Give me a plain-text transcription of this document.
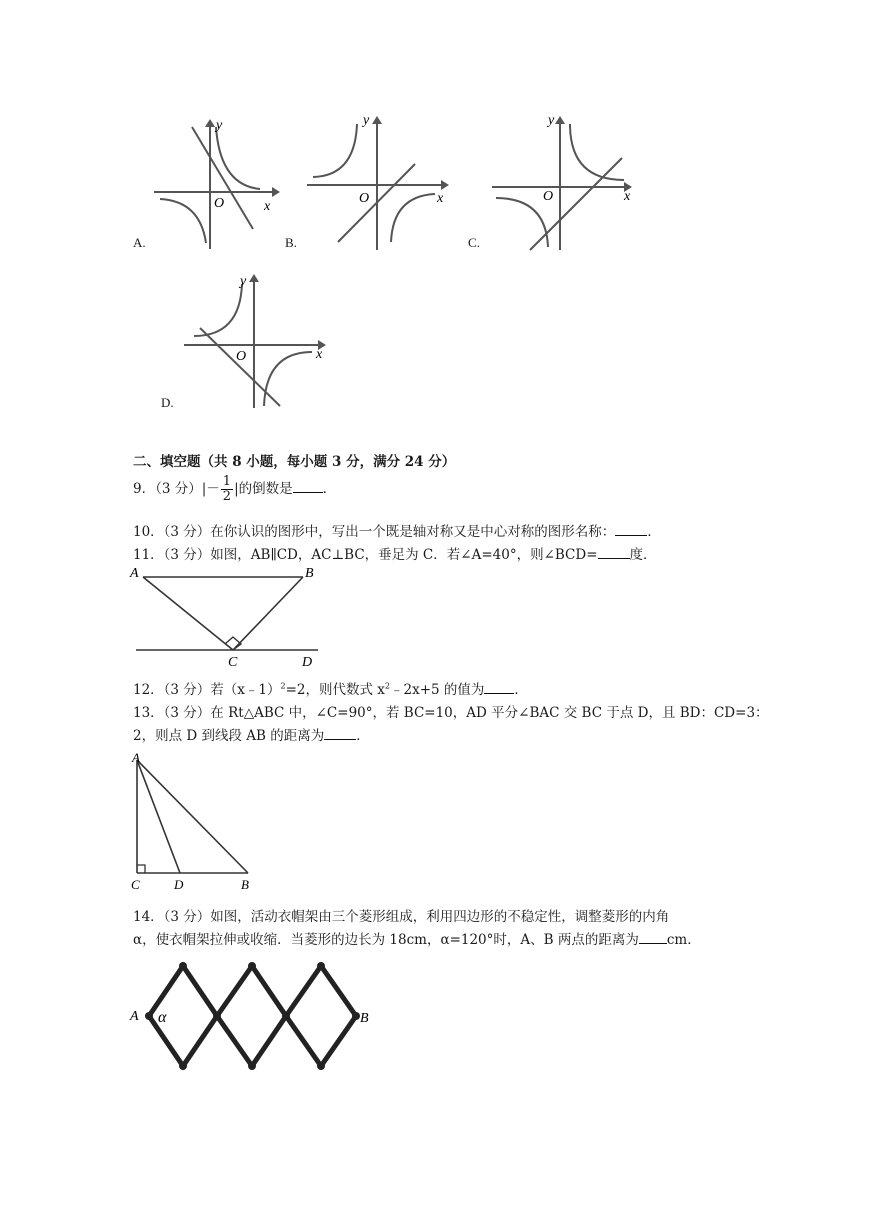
y
x
O
A.
y
x
O
B.
y
x
O
C.
y
x
O
D.
二、填空题（共 8 小题，每小题 3 分，满分 24 分）
9．（3 分）|－ $\frac{1}{2}$ |的倒数是 ．
10．（3 分）在你认识的图形中，写出一个既是轴对称又是中心对称的图形名称： ．
11．（3 分）如图，AB∥CD，AC⊥BC，垂足为 C．若∠A=40°，则∠BCD= 度．
A	B
C	D
12．（3 分）若（x﹣1）$^2$=2，则代数式 $x^2﹣2x+5$ 的值为 ．
13．（3 分）在 Rt△ABC 中，∠C=90°，若 BC=10，AD 平分∠BAC 交 BC 于点 D，且 BD：CD=3：
2，则点 D 到线段 AB 的距离为 ．
A
C	D	B
14．（3 分）如图，活动衣帽架由三个菱形组成，利用四边形的不稳定性，调整菱形的内角
α，使衣帽架拉伸或收缩．当菱形的边长为 18cm，α=120°时，A、B 两点的距离为 cm．
A α	B
